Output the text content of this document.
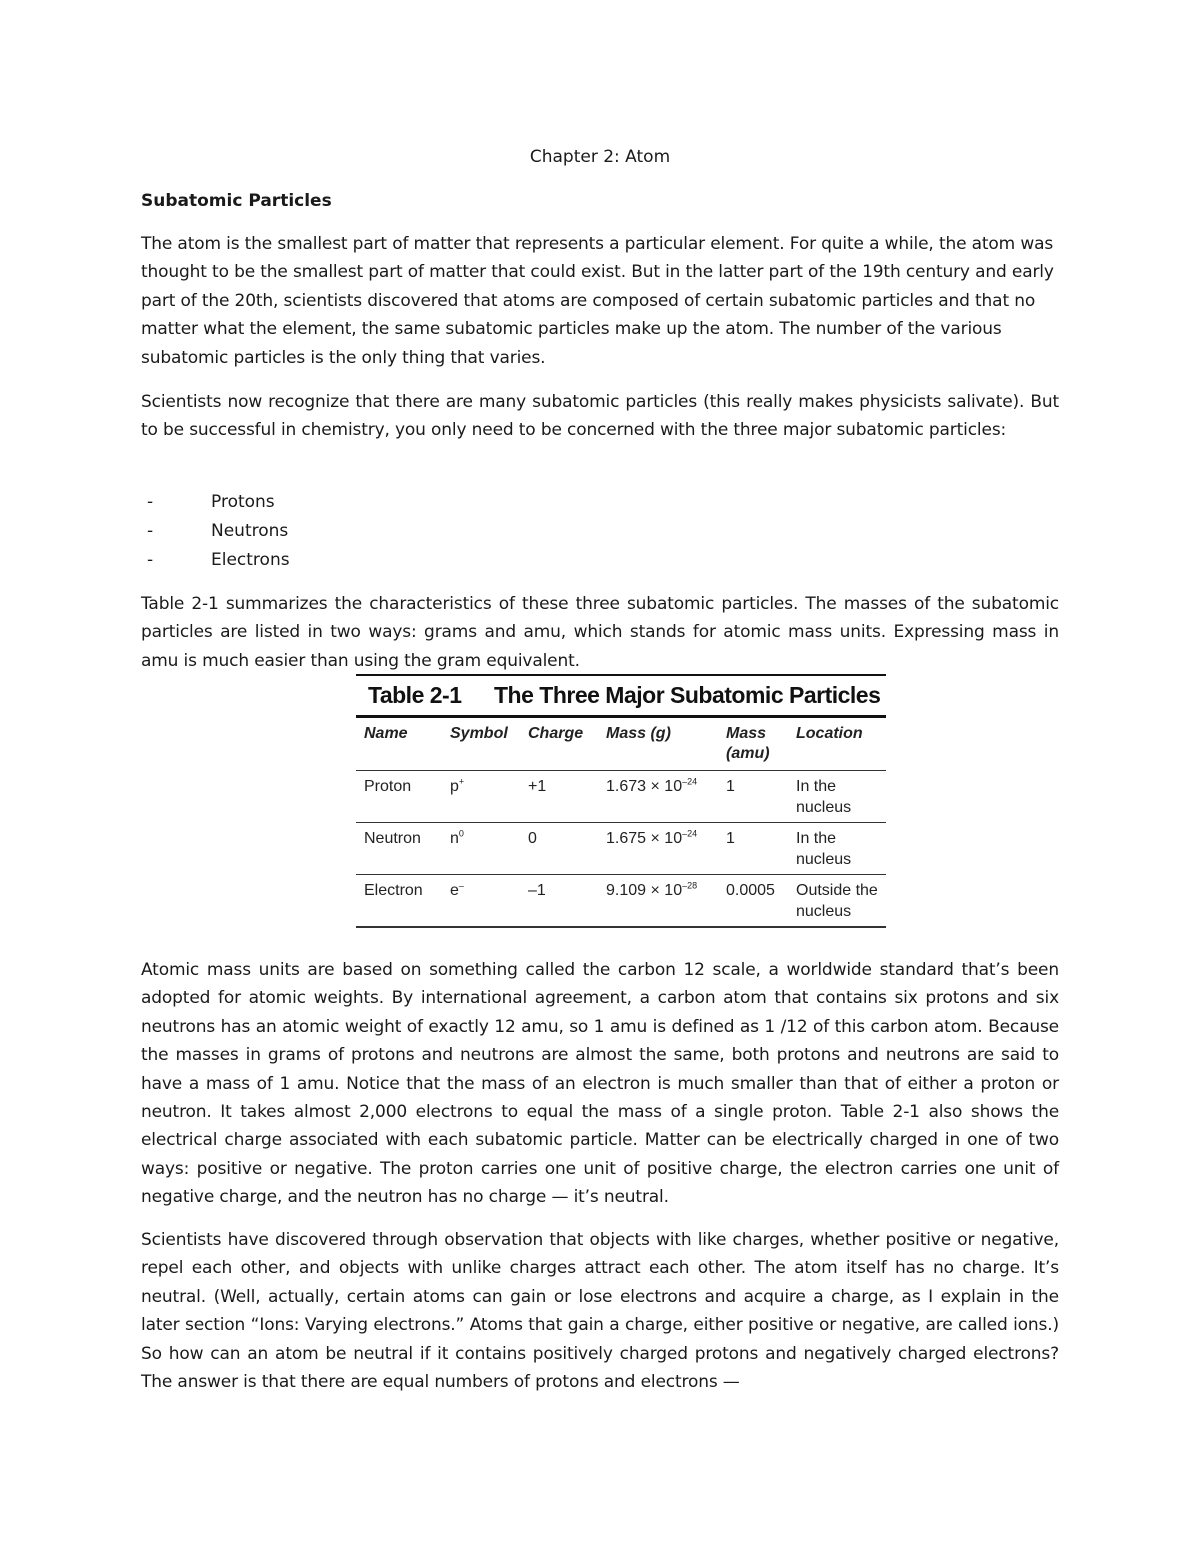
Chapter 2: Atom
Subatomic Particles
The atom is the smallest part of matter that represents a particular element. For quite a while, the atom was thought to be the smallest part of matter that could exist. But in the latter part of the 19th century and early part of the 20th, scientists discovered that atoms are composed of certain subatomic particles and that no matter what the element, the same subatomic particles make up the atom. The number of the various subatomic particles is the only thing that varies.
Scientists now recognize that there are many subatomic particles (this really makes physicists salivate). But to be successful in chemistry, you only need to be concerned with the three major subatomic particles:
-	Protons
-	Neutrons
-	Electrons
Table 2-1 summarizes the characteristics of these three subatomic particles. The masses of the subatomic particles are listed in two ways: grams and amu, which stands for atomic mass units. Expressing mass in amu is much easier than using the gram equivalent.
Table 2-1	The Three Major Subatomic Particles
Name	Symbol	Charge	Mass (g)	Mass (amu)	Location
Proton	p+	+1	$1.673 \times 10^{-24}$	1	In the nucleus
Neutron	$n^0$	0	$1.675 \times 10^{-24}$	1	In the nucleus
Electron	e–	–1	$9.109 \times 10^{-28}$	0.0005	Outside the nucleus
Atomic mass units are based on something called the carbon 12 scale, a worldwide standard that’s been adopted for atomic weights. By international agreement, a carbon atom that contains six protons and six neutrons has an atomic weight of exactly 12 amu, so 1 amu is defined as 1 /12 of this carbon atom. Because the masses in grams of protons and neutrons are almost the same, both protons and neutrons are said to have a mass of 1 amu. Notice that the mass of an electron is much smaller than that of either a proton or neutron. It takes almost 2,000 electrons to equal the mass of a single proton. Table 2-1 also shows the electrical charge associated with each subatomic particle. Matter can be electrically charged in one of two ways: positive or negative. The proton carries one unit of positive charge, the electron carries one unit of negative charge, and the neutron has no charge — it’s neutral.
Scientists have discovered through observation that objects with like charges, whether positive or negative, repel each other, and objects with unlike charges attract each other. The atom itself has no charge. It’s neutral. (Well, actually, certain atoms can gain or lose electrons and acquire a charge, as I explain in the later section “Ions: Varying electrons.” Atoms that gain a charge, either positive or negative, are called ions.) So how can an atom be neutral if it contains positively charged protons and negatively charged electrons? The answer is that there are equal numbers of protons and electrons —
